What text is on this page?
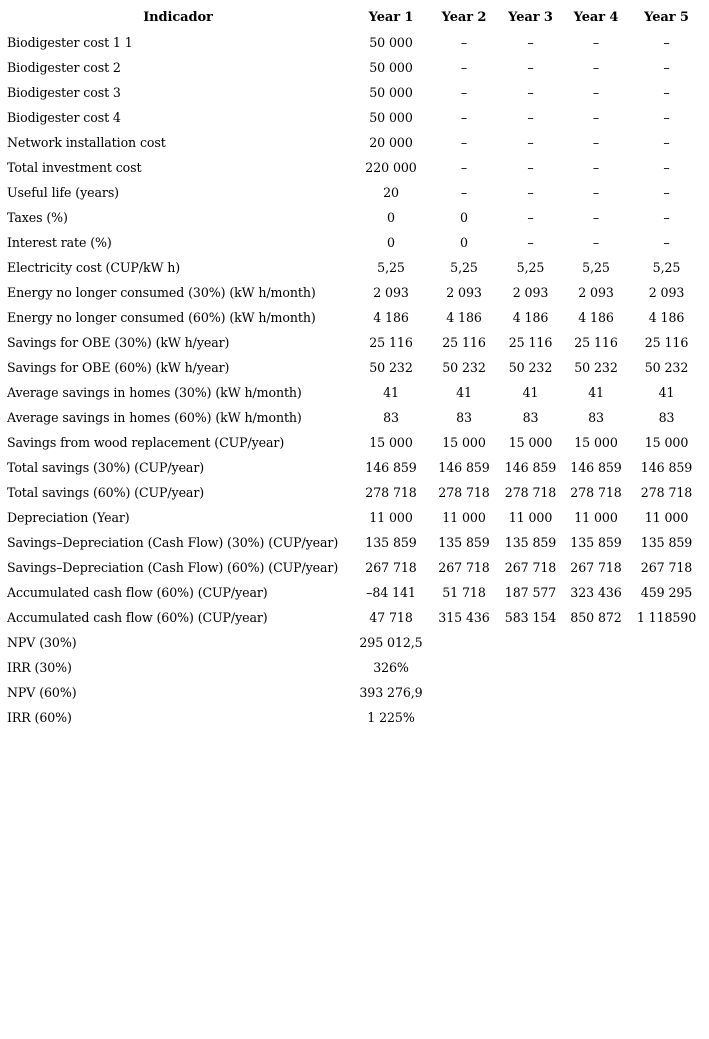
Indicador	Year 1	Year 2	Year 3	Year 4	Year 5
Biodigester cost 1 1	50 000	–	–	–	–
Biodigester cost 2	50 000	–	–	–	–
Biodigester cost 3	50 000	–	–	–	–
Biodigester cost 4	50 000	–	–	–	–
Network installation cost	20 000	–	–	–	–
Total investment cost	220 000	–	–	–	–
Useful life (years)	20	–	–	–	–
Taxes (%)	0	0	–	–	–
Interest rate (%)	0	0	–	–	–
Electricity cost (CUP/kW h)	5,25	5,25	5,25	5,25	5,25
Energy no longer consumed (30%) (kW h/month)	2 093	2 093	2 093	2 093	2 093
Energy no longer consumed (60%) (kW h/month)	4 186	4 186	4 186	4 186	4 186
Savings for OBE (30%) (kW h/year)	25 116	25 116	25 116	25 116	25 116
Savings for OBE (60%) (kW h/year)	50 232	50 232	50 232	50 232	50 232
Average savings in homes (30%) (kW h/month)	41	41	41	41	41
Average savings in homes (60%) (kW h/month)	83	83	83	83	83
Savings from wood replacement (CUP/year)	15 000	15 000	15 000	15 000	15 000
Total savings (30%) (CUP/year)	146 859	146 859	146 859	146 859	146 859
Total savings (60%) (CUP/year)	278 718	278 718	278 718	278 718	278 718
Depreciation (Year)	11 000	11 000	11 000	11 000	11 000
Savings–Depreciation (Cash Flow) (30%) (CUP/year)	135 859	135 859	135 859	135 859	135 859
Savings–Depreciation (Cash Flow) (60%) (CUP/year)	267 718	267 718	267 718	267 718	267 718
Accumulated cash flow (60%) (CUP/year)	–84 141	51 718	187 577	323 436	459 295
Accumulated cash flow (60%) (CUP/year)	47 718	315 436	583 154	850 872	1 118590
NPV (30%)	295 012,5				
IRR (30%)	326%				
NPV (60%)	393 276,9				
IRR (60%)	1 225%				
